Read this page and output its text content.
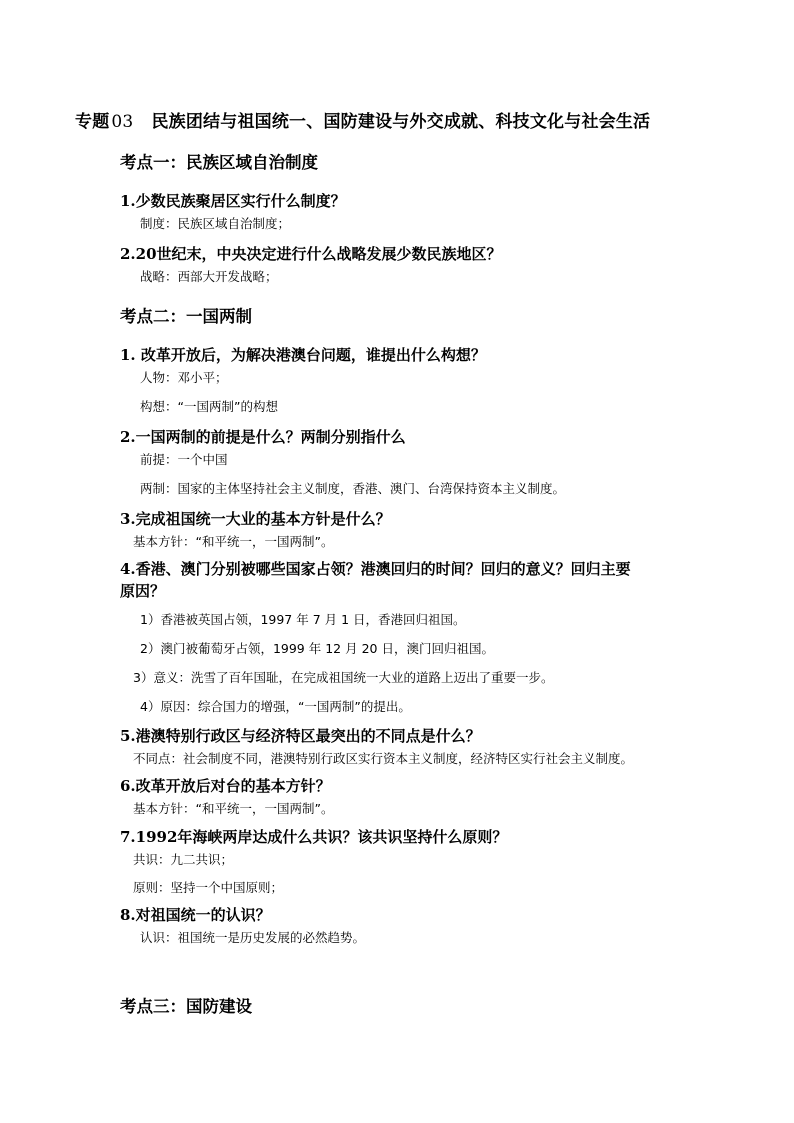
专题 03 民族团结与祖国统一、国防建设与外交成就、科技文化与社会生活
考点一：民族区域自治制度
1.少数民族聚居区实行什么制度？
制度：民族区域自治制度；
2.20世纪末，中央决定进行什么战略发展少数民族地区？
战略：西部大开发战略；
考点二：一国两制
1. 改革开放后，为解决港澳台问题，谁提出什么构想？
人物：邓小平；
构想：“一国两制”的构想
2.一国两制的前提是什么？两制分别指什么
前提：一个中国
两制：国家的主体坚持社会主义制度，香港、澳门、台湾保持资本主义制度。
3.完成祖国统一大业的基本方针是什么？
基本方针：“和平统一，一国两制”。
4.香港、澳门分别被哪些国家占领？港澳回归的时间？回归的意义？回归主要
原因？
1）香港被英国占领，1997 年 7 月 1 日，香港回归祖国。
2）澳门被葡萄牙占领，1999 年 12 月 20 日，澳门回归祖国。
3）意义：洗雪了百年国耻，在完成祖国统一大业的道路上迈出了重要一步。
4）原因：综合国力的增强，“一国两制”的提出。
5.港澳特别行政区与经济特区最突出的不同点是什么？
不同点：社会制度不同，港澳特别行政区实行资本主义制度，经济特区实行社会主义制度。
6.改革开放后对台的基本方针？
基本方针：“和平统一，一国两制”。
7.1992年海峡两岸达成什么共识？该共识坚持什么原则？
共识：九二共识；
原则：坚持一个中国原则；
8.对祖国统一的认识？
认识：祖国统一是历史发展的必然趋势。
考点三：国防建设
